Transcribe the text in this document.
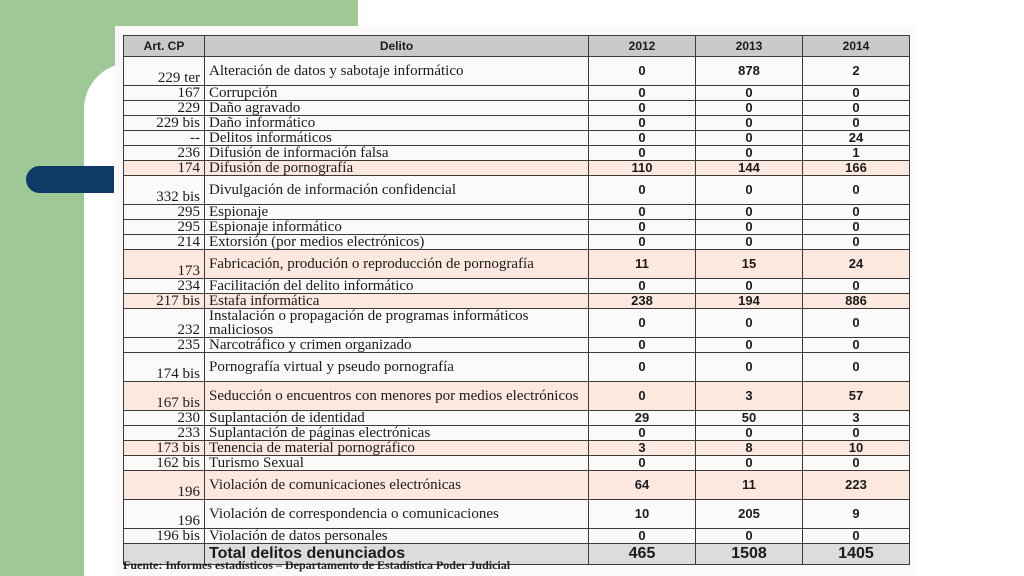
Art. CP	Delito	2012	2013	2014
229 ter	Alteración de datos y sabotaje informático	0	878	2
167	Corrupción	0	0	0
229	Daño agravado	0	0	0
229 bis	Daño informático	0	0	0
--	Delitos informáticos	0	0	24
236	Difusión de información falsa	0	0	1
174	Difusión de pornografía	110	144	166
332 bis	Divulgación de información confidencial	0	0	0
295	Espionaje	0	0	0
295	Espionaje informático	0	0	0
214	Extorsión (por medios electrónicos)	0	0	0
173	Fabricación, produción o reproducción de pornografía	11	15	24
234	Facilitación del delito informático	0	0	0
217 bis	Estafa informática	238	194	886
232	Instalación o propagación de programas informáticos maliciosos	0	0	0
235	Narcotráfico y crimen organizado	0	0	0
174 bis	Pornografía virtual y pseudo pornografía	0	0	0
167 bis	Seducción o encuentros con menores por medios electrónicos	0	3	57
230	Suplantación de identidad	29	50	3
233	Suplantación de páginas electrónicas	0	0	0
173 bis	Tenencia de material pornográfico	3	8	10
162 bis	Turismo Sexual	0	0	0
196	Violación de comunicaciones electrónicas	64	11	223
196	Violación de correspondencia o comunicaciones	10	205	9
196 bis	Violación de datos personales	0	0	0
	Total delitos denunciados	465	1508	1405
Fuente: Informes estadísticos – Departamento de Estadística Poder Judicial
